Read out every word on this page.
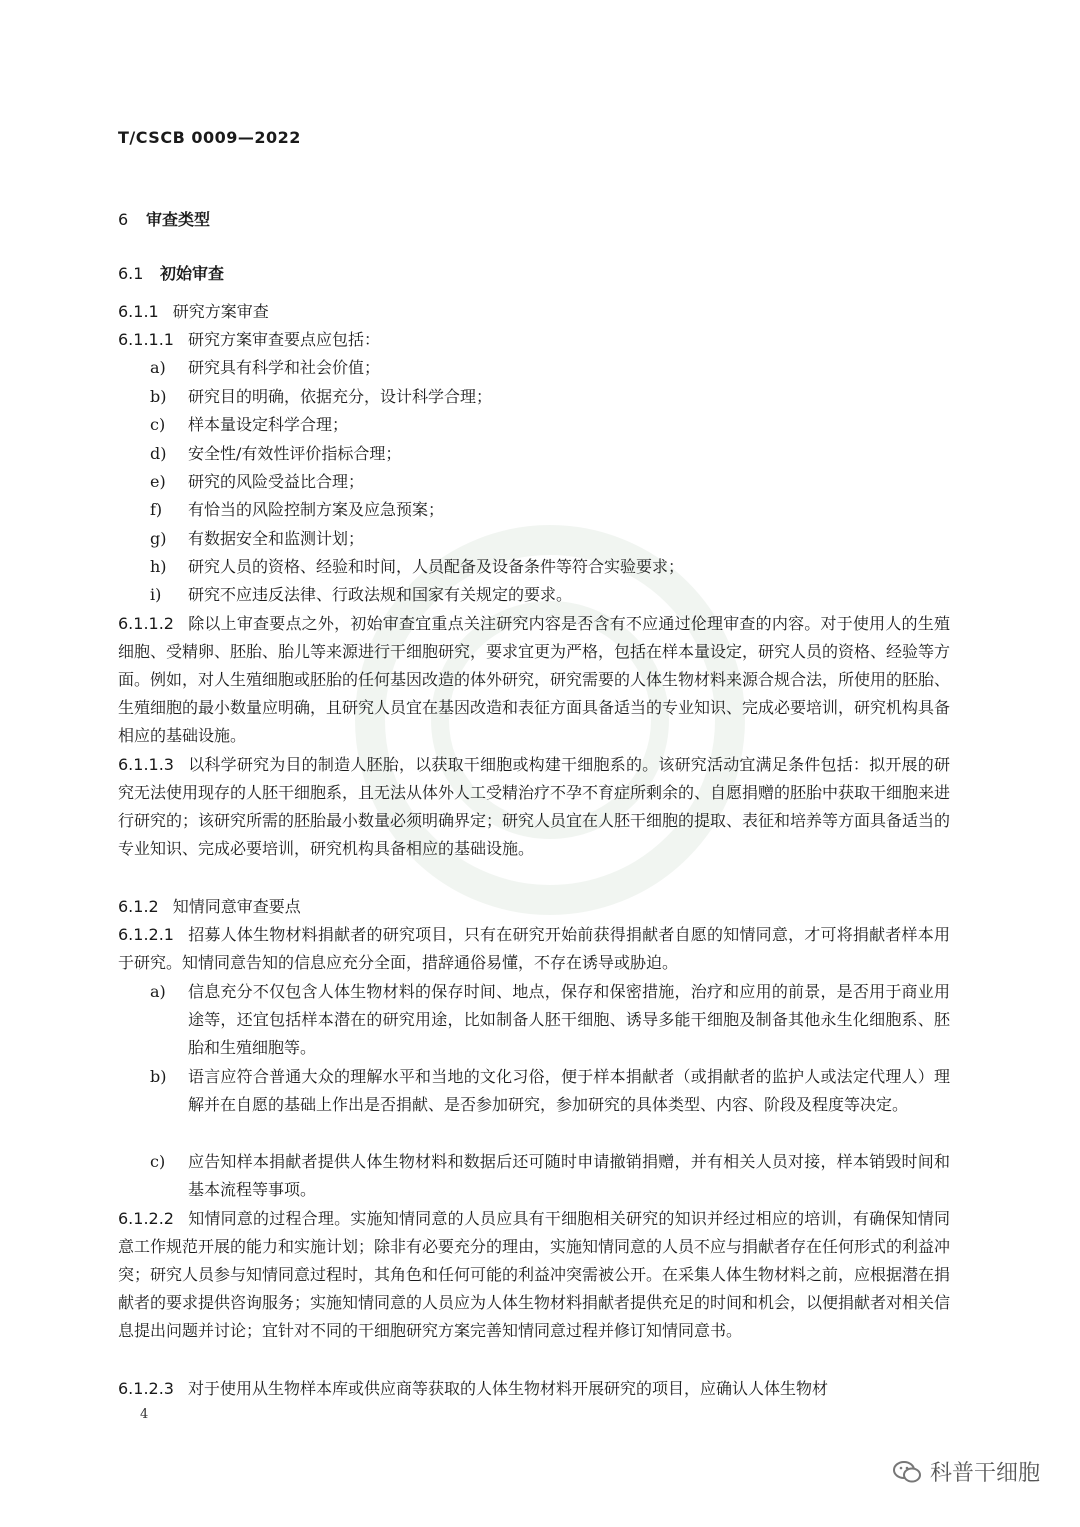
T/CSCB 0009—2022
6 审查类型
6.1 初始审查
6.1.1 研究方案审查
6.1.1.1 研究方案审查要点应包括：
a)	研究具有科学和社会价值；
b)	研究目的明确，依据充分，设计科学合理；
c)	样本量设定科学合理；
d)	安全性/有效性评价指标合理；
e)	研究的风险受益比合理；
f)	有恰当的风险控制方案及应急预案；
g)	有数据安全和监测计划；
h)	研究人员的资格、经验和时间，人员配备及设备条件等符合实验要求；
i)	研究不应违反法律、行政法规和国家有关规定的要求。
6.1.1.2 除以上审查要点之外，初始审查宜重点关注研究内容是否含有不应通过伦理审查的内容。对于使用人的生殖细胞、受精卵、胚胎、胎儿等来源进行干细胞研究，要求宜更为严格，包括在样本量设定，研究人员的资格、经验等方面。例如，对人生殖细胞或胚胎的任何基因改造的体外研究，研究需要的人体生物材料来源合规合法，所使用的胚胎、生殖细胞的最小数量应明确，且研究人员宜在基因改造和表征方面具备适当的专业知识、完成必要培训，研究机构具备相应的基础设施。
6.1.1.3 以科学研究为目的制造人胚胎，以获取干细胞或构建干细胞系的。该研究活动宜满足条件包括：拟开展的研究无法使用现存的人胚干细胞系，且无法从体外人工受精治疗不孕不育症所剩余的、自愿捐赠的胚胎中获取干细胞来进行研究的；该研究所需的胚胎最小数量必须明确界定；研究人员宜在人胚干细胞的提取、表征和培养等方面具备适当的专业知识、完成必要培训，研究机构具备相应的基础设施。
6.1.2 知情同意审查要点
6.1.2.1 招募人体生物材料捐献者的研究项目，只有在研究开始前获得捐献者自愿的知情同意，才可将捐献者样本用于研究。知情同意告知的信息应充分全面，措辞通俗易懂，不存在诱导或胁迫。
a)	信息充分不仅包含人体生物材料的保存时间、地点，保存和保密措施，治疗和应用的前景，是否用于商业用途等，还宜包括样本潜在的研究用途，比如制备人胚干细胞、诱导多能干细胞及制备其他永生化细胞系、胚胎和生殖细胞等。
b)	语言应符合普通大众的理解水平和当地的文化习俗，便于样本捐献者（或捐献者的监护人或法定代理人）理解并在自愿的基础上作出是否捐献、是否参加研究，参加研究的具体类型、内容、阶段及程度等决定。
c)	应告知样本捐献者提供人体生物材料和数据后还可随时申请撤销捐赠，并有相关人员对接，样本销毁时间和基本流程等事项。
6.1.2.2 知情同意的过程合理。实施知情同意的人员应具有干细胞相关研究的知识并经过相应的培训，有确保知情同意工作规范开展的能力和实施计划；除非有必要充分的理由，实施知情同意的人员不应与捐献者存在任何形式的利益冲突；研究人员参与知情同意过程时，其角色和任何可能的利益冲突需被公开。在采集人体生物材料之前，应根据潜在捐献者的要求提供咨询服务；实施知情同意的人员应为人体生物材料捐献者提供充足的时间和机会，以便捐献者对相关信息提出问题并讨论；宜针对不同的干细胞研究方案完善知情同意过程并修订知情同意书。
6.1.2.3 对于使用从生物样本库或供应商等获取的人体生物材料开展研究的项目，应确认人体生物材
4
科普干细胞
